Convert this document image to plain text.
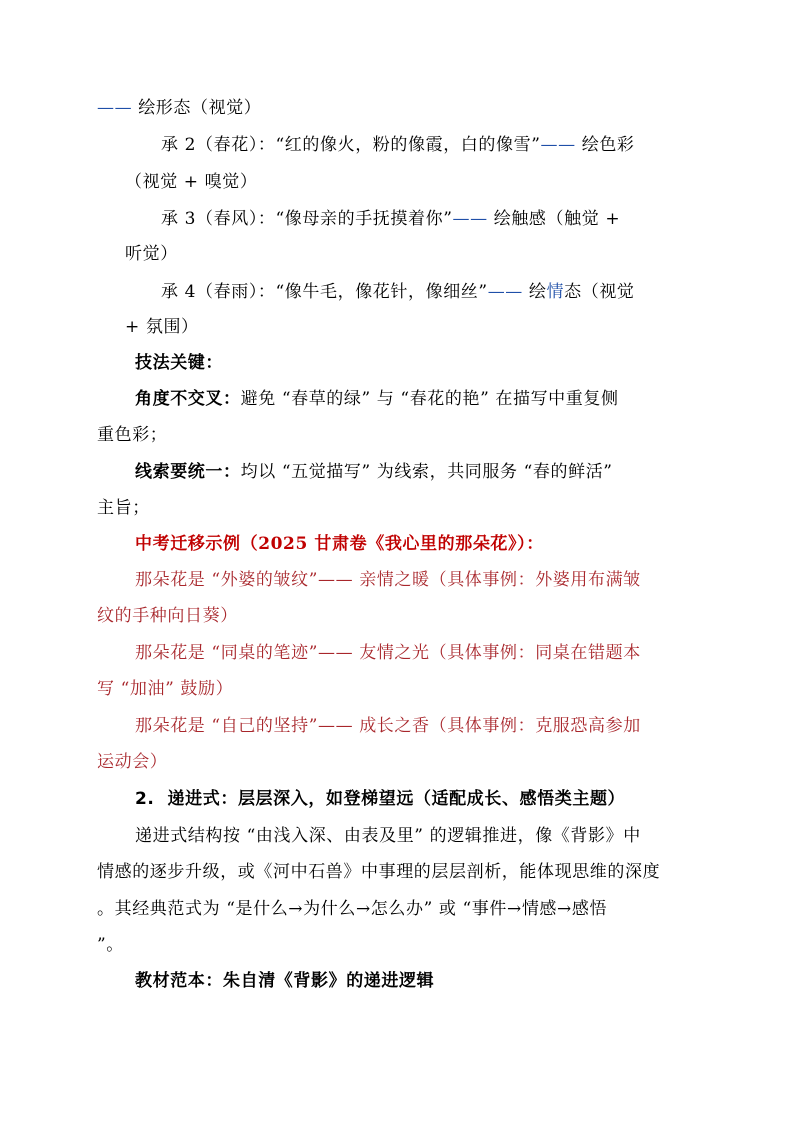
—— 绘形态（视觉）
承 2（春花）：“红的像火，粉的像霞，白的像雪”—— 绘色彩
（视觉 + 嗅觉）
承 3（春风）：“像母亲的手抚摸着你”—— 绘触感（触觉 +
听觉）
承 4（春雨）：“像牛毛，像花针，像细丝”—— 绘情态（视觉
+ 氛围）
技法关键：
角度不交叉：避免 “春草的绿” 与 “春花的艳” 在描写中重复侧
重色彩；
线索要统一：均以 “五觉描写” 为线索，共同服务 “春的鲜活”
主旨；
中考迁移示例（2025 甘肃卷《我心里的那朵花》）：
那朵花是 “外婆的皱纹”—— 亲情之暖（具体事例：外婆用布满皱
纹的手种向日葵）
那朵花是 “同桌的笔迹”—— 友情之光（具体事例：同桌在错题本
写 “加油” 鼓励）
那朵花是 “自己的坚持”—— 成长之香（具体事例：克服恐高参加
运动会）
2. 递进式：层层深入，如登梯望远（适配成长、感悟类主题）
递进式结构按 “由浅入深、由表及里” 的逻辑推进，像《背影》中
情感的逐步升级，或《河中石兽》中事理的层层剖析，能体现思维的深度
。其经典范式为 “是什么→为什么→怎么办” 或 “事件→情感→感悟
”。
教材范本：朱自清《背影》的递进逻辑
